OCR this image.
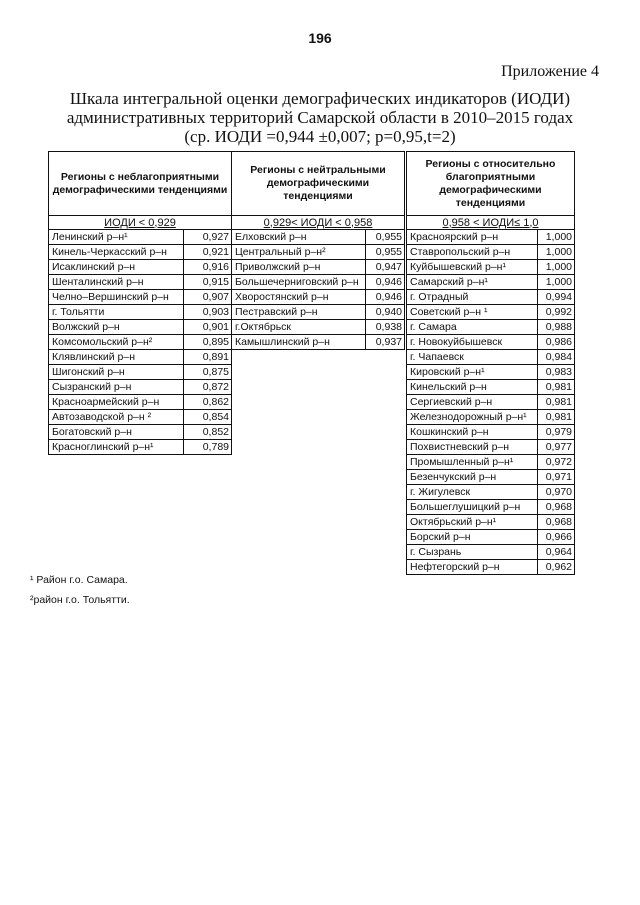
196
Приложение 4
Шкала интегральной оценки демографических индикаторов (ИОДИ)
административных территорий Самарской области в 2010–2015 годах
(ср. ИОДИ =0,944 ±0,007; р=0,95,t=2)
Регионы с неблагоприятными демографическими тенденциями	
ИОДИ < 0,929	
Ленинский р–н¹	0,927
Кинель-Черкасский р–н	0,921
Исаклинский р–н	0,916
Шенталинский р–н	0,915
Челно–Вершинский р–н	0,907
г. Тольятти	0,903
Волжский р–н	0,901
Комсомольский р–н²	0,895
Клявлинский р–н	0,891
Шигонский р–н	0,875
Сызранский р–н	0,872
Красноармейский р–н	0,862
Автозаводской р–н ²	0,854
Богатовский р–н	0,852
Красноглинский р–н¹	0,789
Регионы с нейтральными демографическими тенденциями	
0,929< ИОДИ < 0,958	
Елховский р–н	0,955
Центральный р–н²	0,955
Приволжский р–н	0,947
Большечерниговский р–н	0,946
Хворостянский р–н	0,946
Пестравский р–н	0,940
г.Октябрьск	0,938
Камышлинский р–н	0,937
Регионы с относительно благоприятными демографическими тенденциями	
0,958 < ИОДИ≤ 1,0	
Красноярский р–н	1,000
Ставропольский р–н	1,000
Куйбышевский р–н¹	1,000
Самарский р–н¹	1,000
г. Отрадный	0,994
Советский р–н ¹	0,992
г. Самара	0,988
г. Новокуйбышевск	0,986
г. Чапаевск	0,984
Кировский р–н¹	0,983
Кинельский р–н	0,981
Сергиевский р–н	0,981
Железнодорожный р–н¹	0,981
Кошкинский р–н	0,979
Похвистневский р–н	0,977
Промышленный р–н¹	0,972
Безенчукский р–н	0,971
г. Жигулевск	0,970
Большеглушицкий р–н	0,968
Октябрьский р–н¹	0,968
Борский р–н	0,966
г. Сызрань	0,964
Нефтегорский р–н	0,962
¹ Район г.о. Самара.
²район г.о. Тольятти.
